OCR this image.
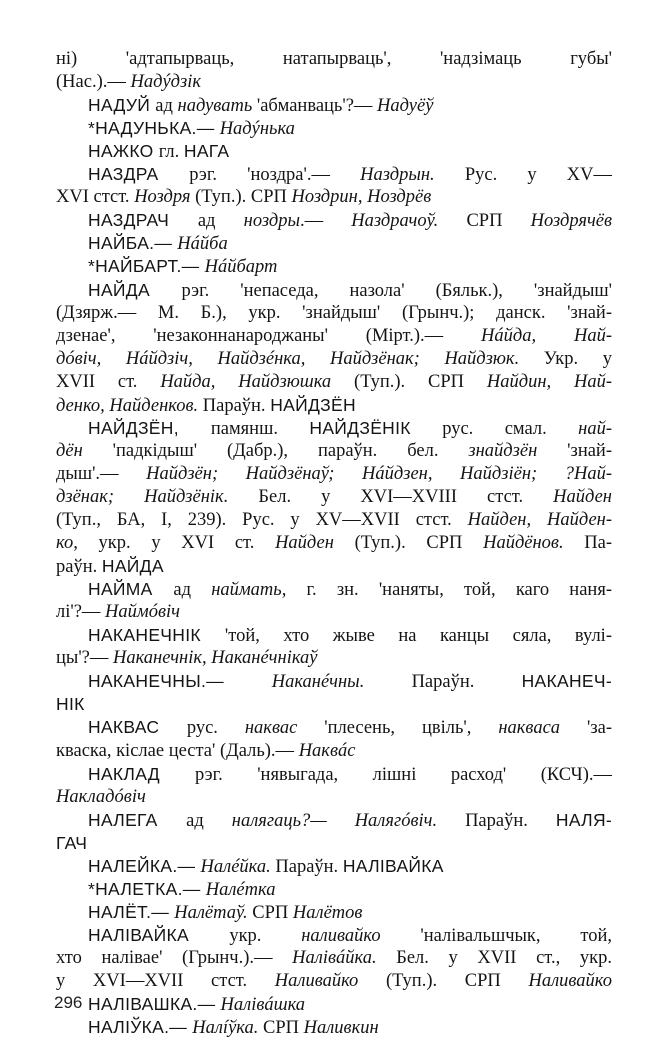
ні) 'адтапырваць, натапырваць', 'надзімаць губы'
(Нас.).— Надýдзік
НАДУЙ ад надувать 'абманваць'?— Надуёў
*НАДУНЬКА.— Надýнька
НАЖКО гл. НАГА
НАЗДРА рэг. 'ноздра'.— Наздрын. Рус. у XV—
XVI стст. Ноздря (Туп.). СРП Ноздрин, Ноздрёв
НАЗДРАЧ ад ноздры.— Наздрачоў. СРП Ноздрячёв
НАЙБА.— Нáйба
*НАЙБАРТ.— Нáйбарт
НАЙДА рэг. 'непаседа, назола' (Бяльк.), 'знайдыш'
(Дзярж.— М. Б.), укр. 'знайдыш' (Грынч.); данск. 'знай-
дзенае', 'незаконнанароджаны' (Мірт.).— Нáйда, Най-
дóвіч, Нáйдзіч, Найдзéнка, Найдзёнак; Найдзюк. Укр. у
XVII ст. Найда, Найдзюшка (Туп.). СРП Найдин, Най-
денко, Найденков. Параўн. НАЙДЗЁН
НАЙДЗЁН, памянш. НАЙДЗЁНІК рус. смал. най-
дён 'падкідыш' (Дабр.), параўн. бел. знайдзён 'знай-
дыш'.— Найдзён; Найдзёнаў; Нáйдзен, Найдзіён; ?Най-
дзёнак; Найдзёнік. Бел. у XVI—XVIII стст. Найден
(Туп., БА, I, 239). Рус. у XV—XVII стст. Найден, Найден-
ко, укр. у XVI ст. Найден (Туп.). СРП Найдёнов. Па-
раўн. НАЙДА
НАЙМА ад наймать, г. зн. 'наняты, той, каго наня-
лі'?— Наймóвіч
НАКАНЕЧНІК 'той, хто жыве на канцы сяла, вулі-
цы'?— Наканечнік, Наканéчнікаў
НАКАНЕЧНЫ.— Наканéчны. Параўн. НАКАНЕЧ-
НІК
НАКВАС рус. наквас 'плесень, цвіль', наквасa 'за-
кваска, кіслае цеста' (Даль).— Наквáс
НАКЛАД рэг. 'нявыгада, лішні расход' (КСЧ).—
Накладóвіч
НАЛЕГА ад налягаць?— Налягóвіч. Параўн. НАЛЯ-
ГАЧ
НАЛЕЙКА.— Налéйка. Параўн. НАЛІВАЙКА
*НАЛЕТКА.— Налéтка
НАЛЁТ.— Налётаў. СРП Налётов
НАЛІВАЙКА укр. наливайко 'налівальшчык, той,
хто налівае' (Грынч.).— Налівáйка. Бел. у XVII ст., укр.
у XVI—XVII стст. Наливайко (Туп.). СРП Наливайко
НАЛІВАШКА.— Налівáшка
НАЛІЎКА.— Налíўка. СРП Наливкин
296
